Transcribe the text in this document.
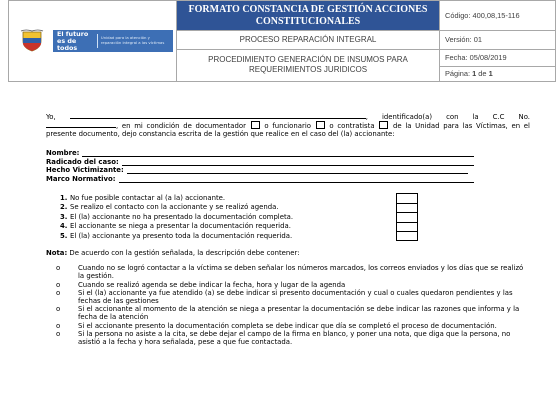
El futuro es de todos
Unidad para la atención y reparación integral a las víctimas	FORMATO CONSTANCIA DE GESTIÓN ACCIONES CONSTITUCIONALES	Código: 400,08,15-116
	PROCESO REPARACIÓN INTEGRAL	Versión: 01
	PROCEDIMIENTO GENERACIÓN DE INSUMOS PARA REQUERIMIENTOS JURIDICOS	Fecha: 05/08/2019
		Página: 1 de 1
Yo,	, identificado(a) con la C.C No. , en mi condición de documentador	o funcionario	o contratista	de la Unidad para las Víctimas, en el presente documento, dejo constancia escrita de la gestión que realice en el caso del (la) accionante:
Nombre:
Radicado del caso:
Hecho Victimizante:
Marco Normativo:
1. No fue posible contactar al (a la) accionante.
2. Se realizo el contacto con la accionante y se realizó agenda.
3. El (la) accionante no ha presentado la documentación completa.
4. El accionante se niega a presentar la documentación requerida.
5. El (la) accionante ya presento toda la documentación requerida.
Nota: De acuerdo con la gestión señalada, la descripción debe contener:
o	Cuando no se logró contactar a la víctima se deben señalar los números marcados, los correos enviados y los días que se realizó la gestión.
o	Cuando se realizó agenda se debe indicar la fecha, hora y lugar de la agenda
o	Si el (la) accionante ya fue atendido (a) se debe indicar si presento documentación y cual o cuales quedaron pendientes y las fechas de las gestiones
o	Si el accionante al momento de la atención se niega a presentar la documentación se debe indicar las razones que informa y la fecha de la atención
o	Si el accionante presento la documentación completa se debe indicar que día se completó el proceso de documentación.
o	Si la persona no asiste a la cita, se debe dejar el campo de la firma en blanco, y poner una nota, que diga que la persona, no asistió a la fecha y hora señalada, pese a que fue contactada.
